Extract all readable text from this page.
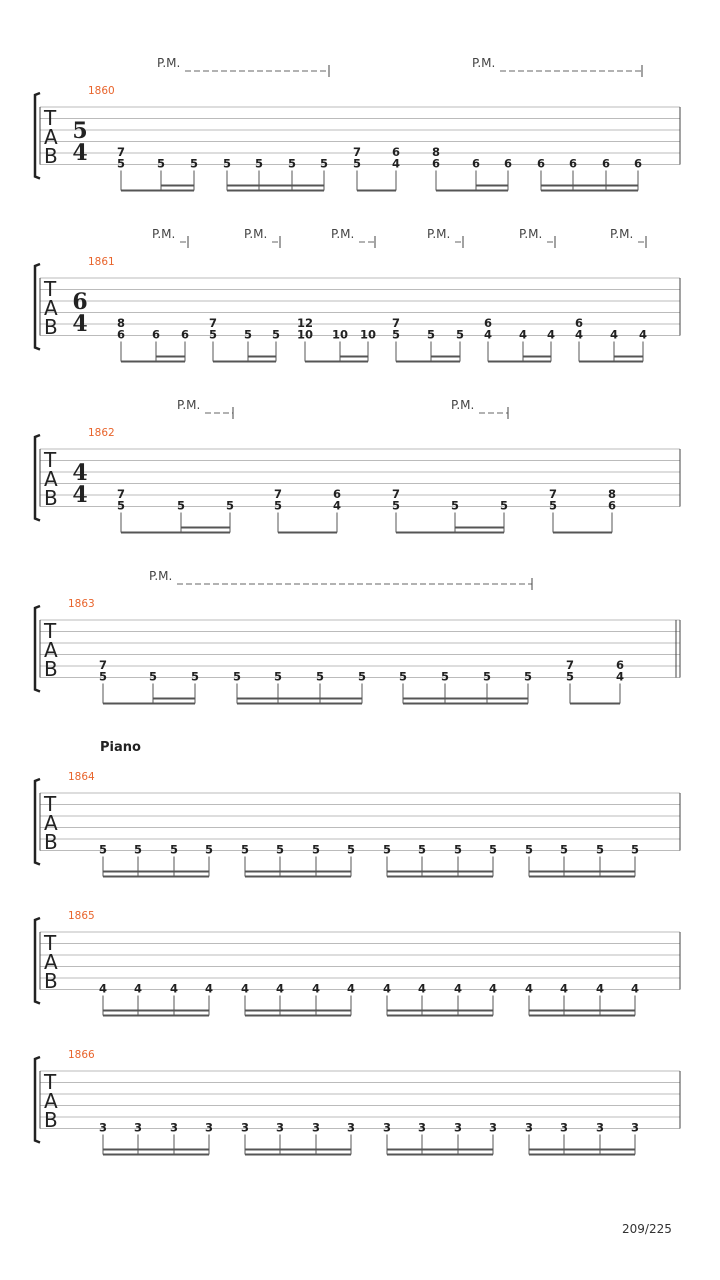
Piano
T
A
B
5
4
1860
P.M.	P.M.
7
5	5 5 5 5 5 5
7
5
6
4
8
6	6 6 6 6 6 6
T
A
B
6
4
1861
P.M.	P.M.	P.M.	P.M.	P.M.	P.M.
8
6 6 6
7
5 5 5
12
10 10 10
7
5 5 5
6
4 4 4
6
4 4 4
T
A
B
4
4
1862
P.M.	P.M.
7
5	5	5
7
5
6
4
7
5	5	5
7
5
8
6
T
A
B
1863
P.M.
7
5	5	5	5	5	5	5	5	5	5	5
7
5
6
4
T
A
B
1864
5 5 5 5 5 5 5 5 5 5 5 5 5 5 5 5
T
A
B
1865
4 4 4 4 4 4 4 4 4 4 4 4 4 4 4 4
T
A
B
1866
3 3 3 3 3 3 3 3 3 3 3 3 3 3 3 3
209/225
